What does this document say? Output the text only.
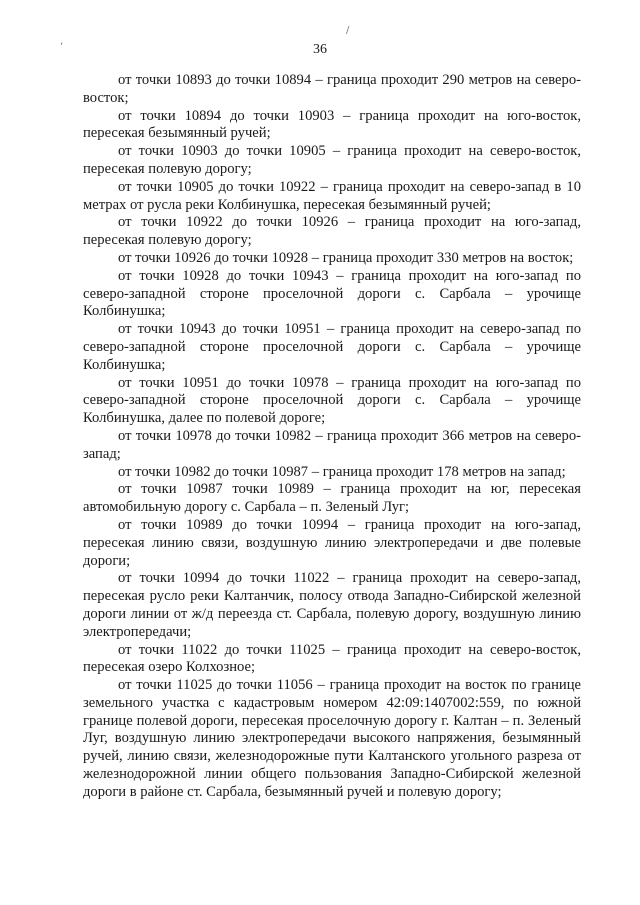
,
/
36

от точки 10893 до точки 10894 – граница проходит 290 метров на северо-восток;

от точки 10894 до точки 10903 – граница проходит на юго-восток, пересекая безымянный ручей;

от точки 10903 до точки 10905 – граница проходит на северо-восток, пересекая полевую дорогу;

от точки 10905 до точки 10922 – граница проходит на северо-запад в 10 метрах от русла реки Колбинушка, пересекая безымянный ручей;

от точки 10922 до точки 10926 – граница проходит на юго-запад, пересекая полевую дорогу;

от точки 10926 до точки 10928 – граница проходит 330 метров на восток;

от точки 10928 до точки 10943 – граница проходит на юго-запад по северо-западной стороне проселочной дороги с. Сарбала – урочище Колбинушка;

от точки 10943 до точки 10951 – граница проходит на северо-запад по северо-западной стороне проселочной дороги с. Сарбала – урочище Колбинушка;

от точки 10951 до точки 10978 – граница проходит на юго-запад по северо-западной стороне проселочной дороги с. Сарбала – урочище Колбинушка, далее по полевой дороге;

от точки 10978 до точки 10982 – граница проходит 366 метров на северо-запад;

от точки 10982 до точки 10987 – граница проходит 178 метров на запад;

от точки 10987 точки 10989 – граница проходит на юг, пересекая автомобильную дорогу с. Сарбала – п. Зеленый Луг;

от точки 10989 до точки 10994 – граница проходит на юго-запад, пересекая линию связи, воздушную линию электропередачи и две полевые дороги;

от точки 10994 до точки 11022 – граница проходит на северо-запад, пересекая русло реки Калтанчик, полосу отвода Западно-Сибирской железной дороги линии от ж/д переезда ст. Сарбала, полевую дорогу, воздушную линию электропередачи;

от точки 11022 до точки 11025 – граница проходит на северо-восток, пересекая озеро Колхозное;

от точки 11025 до точки 11056 – граница проходит на восток по границе земельного участка с кадастровым номером 42:09:1407002:559, по южной границе полевой дороги, пересекая проселочную дорогу г. Калтан – п. Зеленый Луг, воздушную линию электропередачи высокого напряжения, безымянный ручей, линию связи, железнодорожные пути Калтанского угольного разреза от железнодорожной линии общего пользования Западно-Сибирской железной дороги в районе ст. Сарбала, безымянный ручей и полевую дорогу;
